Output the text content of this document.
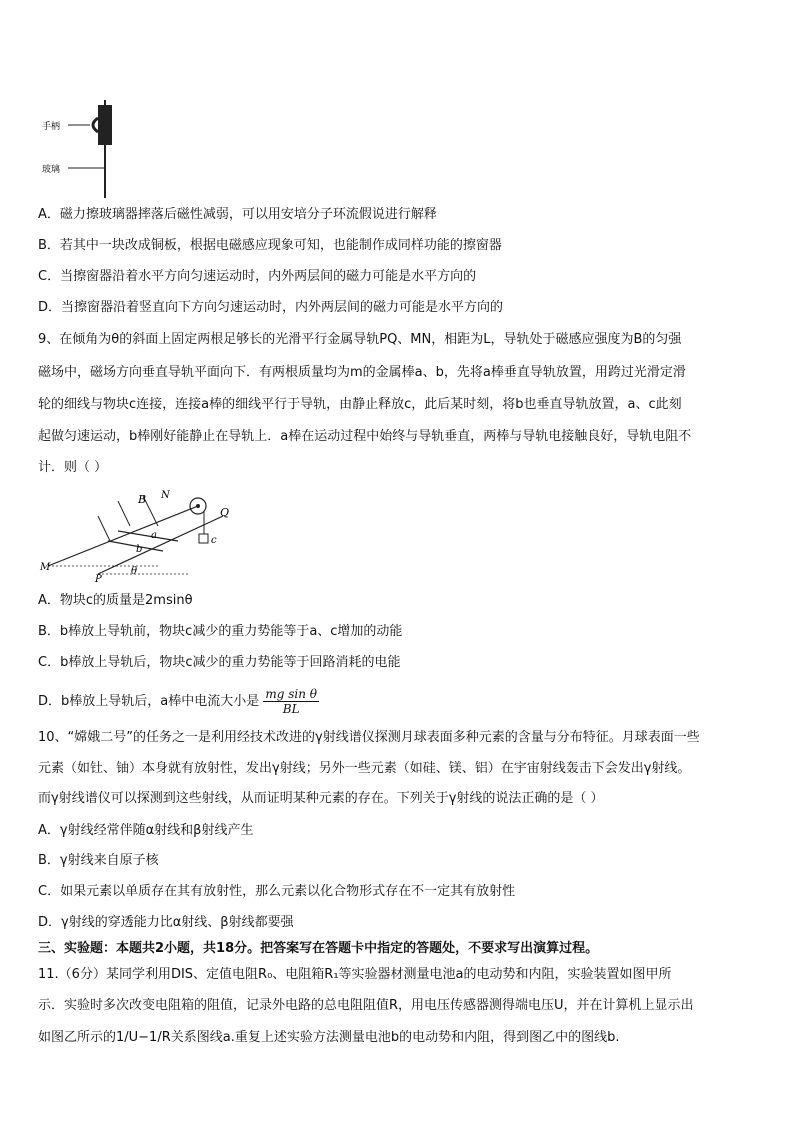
手柄
玻璃
A．磁力擦玻璃器摔落后磁性减弱，可以用安培分子环流假说进行解释
B．若其中一块改成铜板，根据电磁感应现象可知，也能制作成同样功能的擦窗器
C．当擦窗器沿着水平方向匀速运动时，内外两层间的磁力可能是水平方向的
D．当擦窗器沿着竖直向下方向匀速运动时，内外两层间的磁力可能是水平方向的
9、在倾角为θ的斜面上固定两根足够长的光滑平行金属导轨PQ、MN，相距为L，导轨处于磁感应强度为B的匀强
磁场中，磁场方向垂直导轨平面向下．有两根质量均为m的金属棒a、b，先将a棒垂直导轨放置，用跨过光滑定滑
轮的细线与物块c连接，连接a棒的细线平行于导轨，由静止释放c，此后某时刻，将b也垂直导轨放置，a、c此刻
起做匀速运动，b棒刚好能静止在导轨上．a棒在运动过程中始终与导轨垂直，两棒与导轨电接触良好，导轨电阻不
计．则（ ）
B N
Q
a
b
c
M
P
θ
A．物块c的质量是2msinθ
B．b棒放上导轨前，物块c减少的重力势能等于a、c增加的动能
C．b棒放上导轨后，物块c减少的重力势能等于回路消耗的电能
D．b棒放上导轨后，a棒中电流大小是 $\frac{\text{mg sin θ}}{BL}$
10、“嫦娥二号”的任务之一是利用经技术改进的γ射线谱仪探测月球表面多种元素的含量与分布特征。月球表面一些
元素（如钍、铀）本身就有放射性，发出γ射线；另外一些元素（如硅、镁、铝）在宇宙射线轰击下会发出γ射线。
而γ射线谱仪可以探测到这些射线，从而证明某种元素的存在。下列关于γ射线的说法正确的是（ ）
A．γ射线经常伴随α射线和β射线产生
B．γ射线来自原子核
C．如果元素以单质存在其有放射性，那么元素以化合物形式存在不一定其有放射性
D．γ射线的穿透能力比α射线、β射线都要强
三、实验题：本题共2小题，共18分。把答案写在答题卡中指定的答题处，不要求写出演算过程。
11.（6分）某同学利用DIS、定值电阻R₀、电阻箱R₁等实验器材测量电池a的电动势和内阻，实验装置如图甲所
示．实验时多次改变电阻箱的阻值，记录外电路的总电阻阻值R，用电压传感器测得端电压U，并在计算机上显示出
如图乙所示的1/U−1/R关系图线a.重复上述实验方法测量电池b的电动势和内阻，得到图乙中的图线b.
